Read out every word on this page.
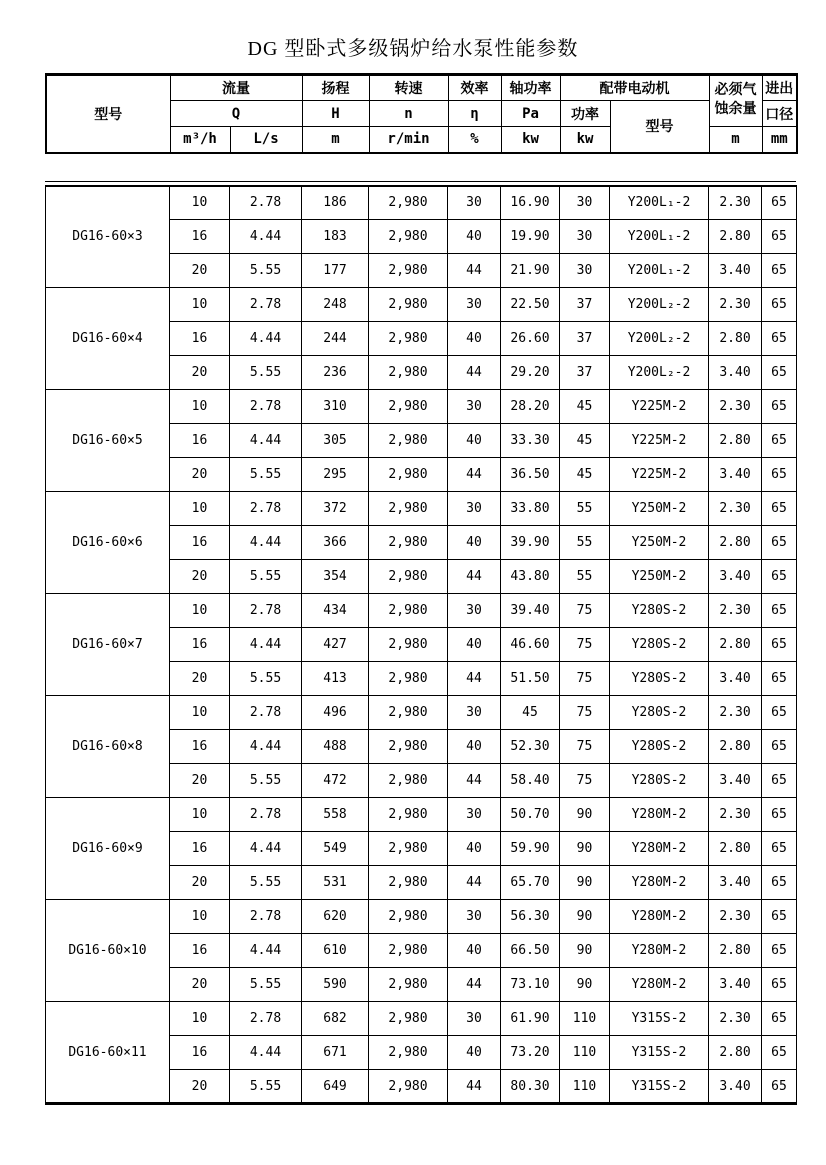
DG 型卧式多级锅炉给水泵性能参数
型号	流量		扬程	转速	效率	轴功率	配带电动机		必须气蚀余量	进出
	Q		H	n	η	Pa	功率	型号		口径
	m³/h	L/s	m	r/min	%	kw	kw		m	mm
DG16-60×3	10	2.78	186	2,980	30	16.90	30	Y200L₁-2	2.30	65
	16	4.44	183	2,980	40	19.90	30	Y200L₁-2	2.80	65
	20	5.55	177	2,980	44	21.90	30	Y200L₁-2	3.40	65
DG16-60×4	10	2.78	248	2,980	30	22.50	37	Y200L₂-2	2.30	65
	16	4.44	244	2,980	40	26.60	37	Y200L₂-2	2.80	65
	20	5.55	236	2,980	44	29.20	37	Y200L₂-2	3.40	65
DG16-60×5	10	2.78	310	2,980	30	28.20	45	Y225M-2	2.30	65
	16	4.44	305	2,980	40	33.30	45	Y225M-2	2.80	65
	20	5.55	295	2,980	44	36.50	45	Y225M-2	3.40	65
DG16-60×6	10	2.78	372	2,980	30	33.80	55	Y250M-2	2.30	65
	16	4.44	366	2,980	40	39.90	55	Y250M-2	2.80	65
	20	5.55	354	2,980	44	43.80	55	Y250M-2	3.40	65
DG16-60×7	10	2.78	434	2,980	30	39.40	75	Y280S-2	2.30	65
	16	4.44	427	2,980	40	46.60	75	Y280S-2	2.80	65
	20	5.55	413	2,980	44	51.50	75	Y280S-2	3.40	65
DG16-60×8	10	2.78	496	2,980	30	45	75	Y280S-2	2.30	65
	16	4.44	488	2,980	40	52.30	75	Y280S-2	2.80	65
	20	5.55	472	2,980	44	58.40	75	Y280S-2	3.40	65
DG16-60×9	10	2.78	558	2,980	30	50.70	90	Y280M-2	2.30	65
	16	4.44	549	2,980	40	59.90	90	Y280M-2	2.80	65
	20	5.55	531	2,980	44	65.70	90	Y280M-2	3.40	65
DG16-60×10	10	2.78	620	2,980	30	56.30	90	Y280M-2	2.30	65
	16	4.44	610	2,980	40	66.50	90	Y280M-2	2.80	65
	20	5.55	590	2,980	44	73.10	90	Y280M-2	3.40	65
DG16-60×11	10	2.78	682	2,980	30	61.90	110	Y315S-2	2.30	65
	16	4.44	671	2,980	40	73.20	110	Y315S-2	2.80	65
	20	5.55	649	2,980	44	80.30	110	Y315S-2	3.40	65
